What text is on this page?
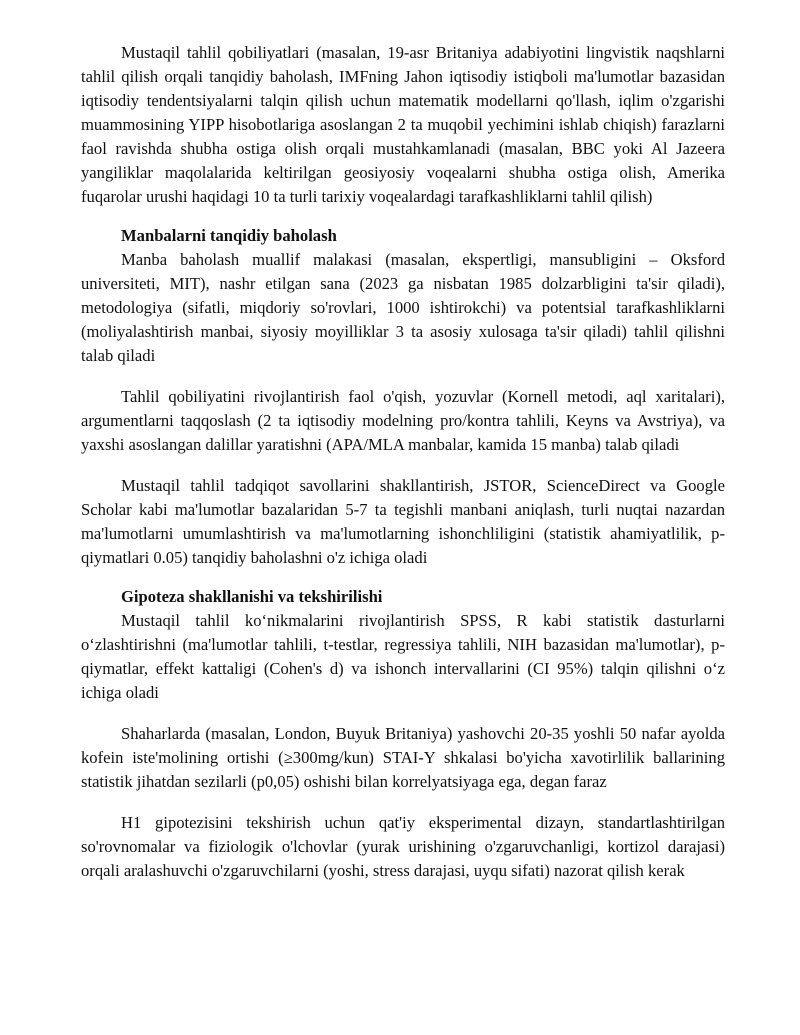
Mustaqil tahlil qobiliyatlari (masalan, 19-asr Britaniya adabiyotini lingvistik naqshlarni tahlil qilish orqali tanqidiy baholash, IMFning Jahon iqtisodiy istiqboli ma'lumotlar bazasidan iqtisodiy tendentsiyalarni talqin qilish uchun matematik modellarni qo'llash, iqlim o'zgarishi muammosining YIPP hisobotlariga asoslangan 2 ta muqobil yechimini ishlab chiqish) farazlarni faol ravishda shubha ostiga olish orqali mustahkamlanadi (masalan, BBC yoki Al Jazeera yangiliklar maqolalarida keltirilgan geosiyosiy voqealarni shubha ostiga olish, Amerika fuqarolar urushi haqidagi 10 ta turli tarixiy voqealardagi tarafkashliklarni tahlil qilish)

Manbalarni tanqidiy baholash

Manba baholash muallif malakasi (masalan, ekspertligi, mansubligini – Oksford universiteti, MIT), nashr etilgan sana (2023 ga nisbatan 1985 dolzarbligini ta'sir qiladi), metodologiya (sifatli, miqdoriy so'rovlari, 1000 ishtirokchi) va potentsial tarafkashliklarni (moliyalashtirish manbai, siyosiy moyilliklar 3 ta asosiy xulosaga ta'sir qiladi) tahlil qilishni talab qiladi

Tahlil qobiliyatini rivojlantirish faol o'qish, yozuvlar (Kornell metodi, aql xaritalari), argumentlarni taqqoslash (2 ta iqtisodiy modelning pro/kontra tahlili, Keyns va Avstriya), va yaxshi asoslangan dalillar yaratishni (APA/MLA manbalar, kamida 15 manba) talab qiladi

Mustaqil tahlil tadqiqot savollarini shakllantirish, JSTOR, ScienceDirect va Google Scholar kabi ma'lumotlar bazalaridan 5-7 ta tegishli manbani aniqlash, turli nuqtai nazardan ma'lumotlarni umumlashtirish va ma'lumotlarning ishonchliligini (statistik ahamiyatlilik, p-qiymatlari 0.05) tanqidiy baholashni o'z ichiga oladi

Gipoteza shakllanishi va tekshirilishi

Mustaqil tahlil ko‘nikmalarini rivojlantirish SPSS, R kabi statistik dasturlarni o‘zlashtirishni (ma'lumotlar tahlili, t-testlar, regressiya tahlili, NIH bazasidan ma'lumotlar), p-qiymatlar, effekt kattaligi (Cohen's d) va ishonch intervallarini (CI 95%) talqin qilishni o‘z ichiga oladi

Shaharlarda (masalan, London, Buyuk Britaniya) yashovchi 20-35 yoshli 50 nafar ayolda kofein iste'molining ortishi (≥300mg/kun) STAI-Y shkalasi bo'yicha xavotirlilik ballarining statistik jihatdan sezilarli (p0,05) oshishi bilan korrelyatsiyaga ega, degan faraz

H1 gipotezisini tekshirish uchun qat'iy eksperimental dizayn, standartlashtirilgan so'rovnomalar va fiziologik o'lchovlar (yurak urishining o'zgaruvchanligi, kortizol darajasi) orqali aralashuvchi o'zgaruvchilarni (yoshi, stress darajasi, uyqu sifati) nazorat qilish kerak
